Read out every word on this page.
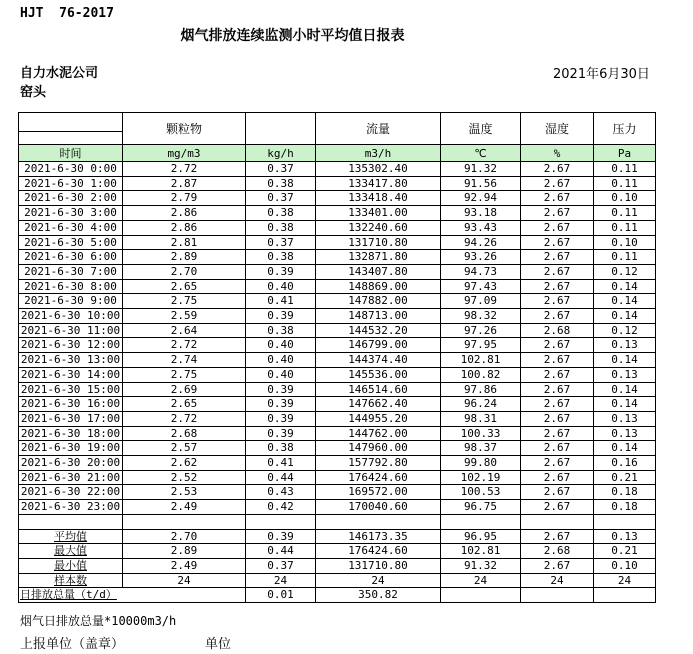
HJT  76-2017
烟气排放连续监测小时平均值日报表
自力水泥公司	2021年6月30日
窑头
	颗粒物		流量	温度	湿度	压力

时间	mg/m3	kg/h	m3/h	℃	%	Pa
2021-6-30 0:00	2.72	0.37	135302.40	91.32	2.67	0.11
2021-6-30 1:00	2.87	0.38	133417.80	91.56	2.67	0.11
2021-6-30 2:00	2.79	0.37	133418.40	92.94	2.67	0.10
2021-6-30 3:00	2.86	0.38	133401.00	93.18	2.67	0.11
2021-6-30 4:00	2.86	0.38	132240.60	93.43	2.67	0.11
2021-6-30 5:00	2.81	0.37	131710.80	94.26	2.67	0.10
2021-6-30 6:00	2.89	0.38	132871.80	93.26	2.67	0.11
2021-6-30 7:00	2.70	0.39	143407.80	94.73	2.67	0.12
2021-6-30 8:00	2.65	0.40	148869.00	97.43	2.67	0.14
2021-6-30 9:00	2.75	0.41	147882.00	97.09	2.67	0.14
2021-6-30 10:00	2.59	0.39	148713.00	98.32	2.67	0.14
2021-6-30 11:00	2.64	0.38	144532.20	97.26	2.68	0.12
2021-6-30 12:00	2.72	0.40	146799.00	97.95	2.67	0.13
2021-6-30 13:00	2.74	0.40	144374.40	102.81	2.67	0.14
2021-6-30 14:00	2.75	0.40	145536.00	100.82	2.67	0.13
2021-6-30 15:00	2.69	0.39	146514.60	97.86	2.67	0.14
2021-6-30 16:00	2.65	0.39	147662.40	96.24	2.67	0.14
2021-6-30 17:00	2.72	0.39	144955.20	98.31	2.67	0.13
2021-6-30 18:00	2.68	0.39	144762.00	100.33	2.67	0.13
2021-6-30 19:00	2.57	0.38	147960.00	98.37	2.67	0.14
2021-6-30 20:00	2.62	0.41	157792.80	99.80	2.67	0.16
2021-6-30 21:00	2.52	0.44	176424.60	102.19	2.67	0.21
2021-6-30 22:00	2.53	0.43	169572.00	100.53	2.67	0.18
2021-6-30 23:00	2.49	0.42	170040.60	96.75	2.67	0.18

平均值	2.70	0.39	146173.35	96.95	2.67	0.13
最大值	2.89	0.44	176424.60	102.81	2.68	0.21
最小值	2.49	0.37	131710.80	91.32	2.67	0.10
样本数	24	24	24	24	24	24
日排放总量（t/d）		0.01	350.82			
烟气日排放总量*10000m3/h
上报单位（盖章）	单位
